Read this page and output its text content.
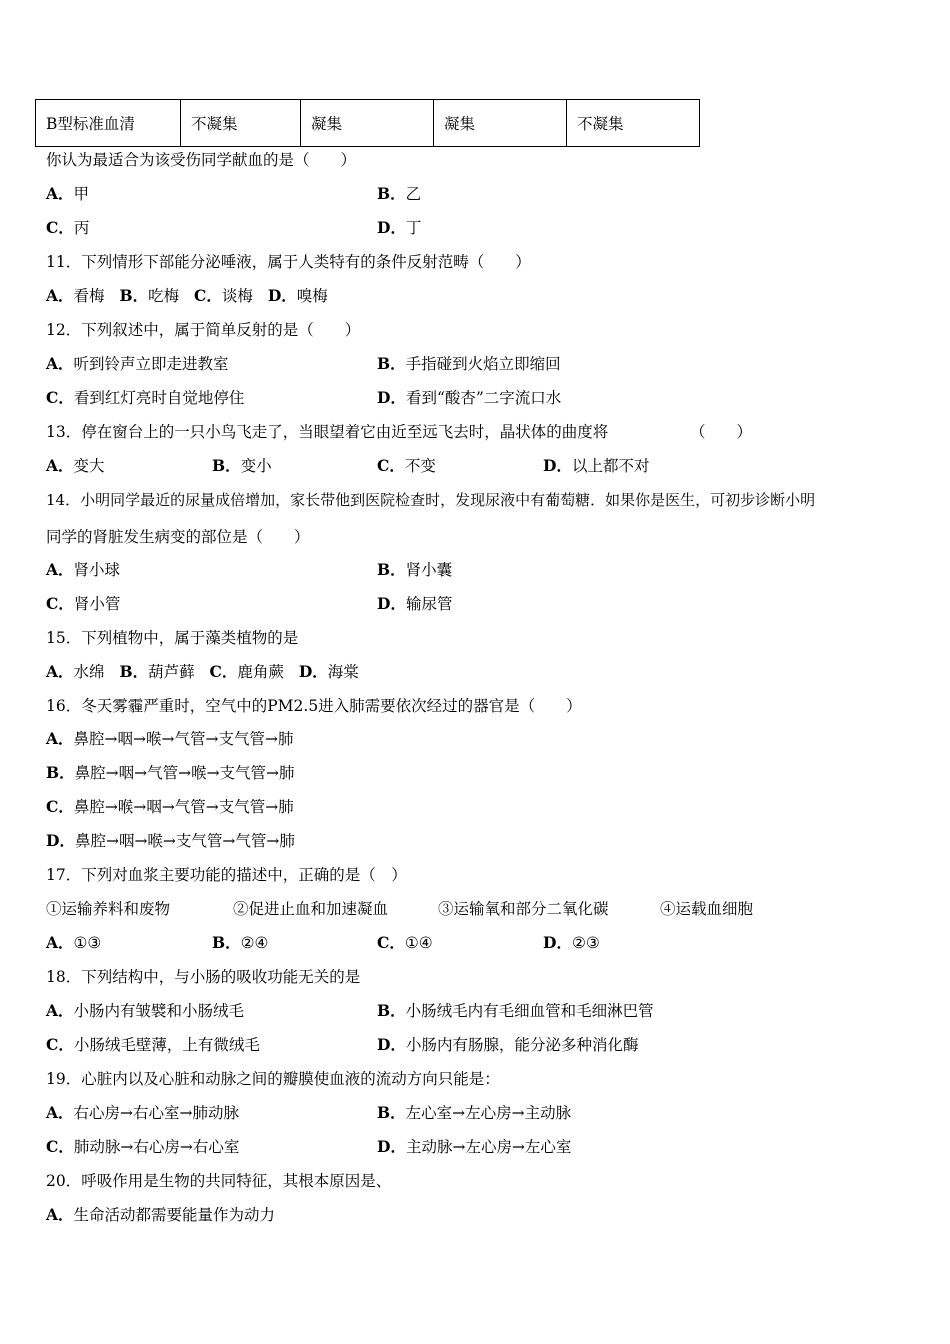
B型标准血清	不凝集	凝集	凝集	不凝集
你认为最适合为该受伤同学献血的是（　　）
A．甲	B．乙
C．丙	D．丁
11．下列情形下部能分泌唾液，属于人类特有的条件反射范畴（　　）
A．看梅 B．吃梅 C．谈梅 D．嗅梅
12．下列叙述中，属于简单反射的是（　　）
A．听到铃声立即走进教室	B．手指碰到火焰立即缩回
C．看到红灯亮时自觉地停住	D．看到“酸杏”二字流口水
13．停在窗台上的一只小鸟飞走了，当眼望着它由近至远飞去时，晶状体的曲度将	（　　）
A．变大	B．变小	C．不变	D．以上都不对
14．小明同学最近的尿量成倍增加，家长带他到医院检查时，发现尿液中有葡萄糖．如果你是医生，可初步诊断小明
同学的肾脏发生病变的部位是（　　）
A．肾小球	B．肾小囊
C．肾小管	D．输尿管
15．下列植物中，属于藻类植物的是
A．水绵 B．葫芦藓 C．鹿角蕨 D．海棠
16．冬天雾霾严重时，空气中的PM2.5进入肺需要依次经过的器官是（　　）
A．鼻腔→咽→喉→气管→支气管→肺
B．鼻腔→咽→气管→喉→支气管→肺
C．鼻腔→喉→咽→气管→支气管→肺
D．鼻腔→咽→喉→支气管→气管→肺
17．下列对血浆主要功能的描述中，正确的是（　）
①运输养料和废物	②促进止血和加速凝血	③运输氧和部分二氧化碳	④运载血细胞
A．①③	B．②④	C．①④	D．②③
18．下列结构中，与小肠的吸收功能无关的是
A．小肠内有皱襞和小肠绒毛	B．小肠绒毛内有毛细血管和毛细淋巴管
C．小肠绒毛壁薄，上有微绒毛	D．小肠内有肠腺，能分泌多种消化酶
19．心脏内以及心脏和动脉之间的瓣膜使血液的流动方向只能是：
A．右心房→右心室→肺动脉	B．左心室→左心房→主动脉
C．肺动脉→右心房→右心室	D．主动脉→左心房→左心室
20．呼吸作用是生物的共同特征，其根本原因是、
A．生命活动都需要能量作为动力
